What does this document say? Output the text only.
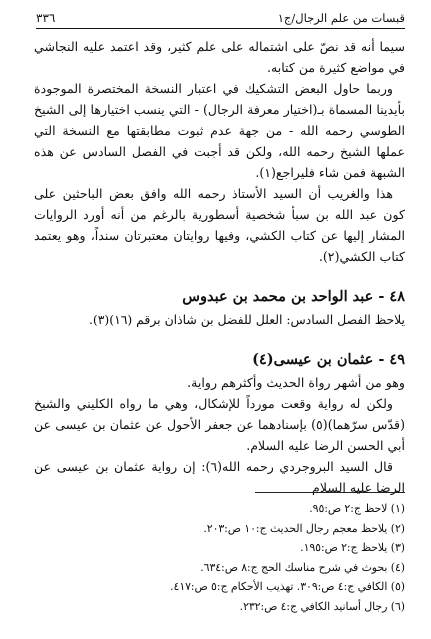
٣٣٦	قبسات من علم الرجال/ج١

سيما أنه قد نصّ على اشتماله على علم كثير، وقد اعتمد عليه النجاشي في مواضع كثيرة من كتابه.

وربما حاول البعض التشكيك في اعتبار النسخة المختصرة الموجودة بأيدينا المسماة بـ(اختيار معرفة الرجال) - التي ينسب اختيارها إلى الشيخ الطوسي رحمه الله - من جهة عدم ثبوت مطابقتها مع النسخة التي عملها الشيخ رحمه الله، ولكن قد أجبت في الفصل السادس عن هذه الشبهة فمن شاء فليراجع(١).

هذا والغريب أن السيد الأستاذ رحمه الله وافق بعض الباحثين على كون عبد الله بن سبأ شخصية أسطورية بالرغم من أنه أورد الروايات المشار إليها عن كتاب الكشي، وفيها روايتان معتبرتان سنداً، وهو يعتمد كتاب الكشي(٢).

٤٨ - عبد الواحد بن محمد بن عبدوس

يلاحظ الفصل السادس: العلل للفضل بن شاذان برقم (١٦)(٣).

٤٩ - عثمان بن عيسى(٤)

وهو من أشهر رواة الحديث وأكثرهم رواية.

ولكن له رواية وقعت مورداً للإشكال، وهي ما رواه الكليني والشيخ (قدّس سرّهما)(٥) بإسنادهما عن جعفر الأحول عن عثمان بن عيسى عن أبي الحسن الرضا عليه السلام.

قال السيد البروجردي رحمه الله(٦): إن رواية عثمان بن عيسى عن الرضا عليه السلام

(١) لاحظ ج:٢ ص:٩٥.
(٢) يلاحظ معجم رجال الحديث ج:١٠ ص:٢٠٣.
(٣) يلاحظ ج:٢ ص:١٩٥.
(٤) بحوث في شرح مناسك الحج ج:٨ ص:٦٣٤.
(٥) الكافي ج:٤ ص:٣٠٩. تهذيب الأحكام ج:٥ ص:٤١٧.
(٦) رجال أسانيد الكافي ج:٤ ص:٢٣٢.
